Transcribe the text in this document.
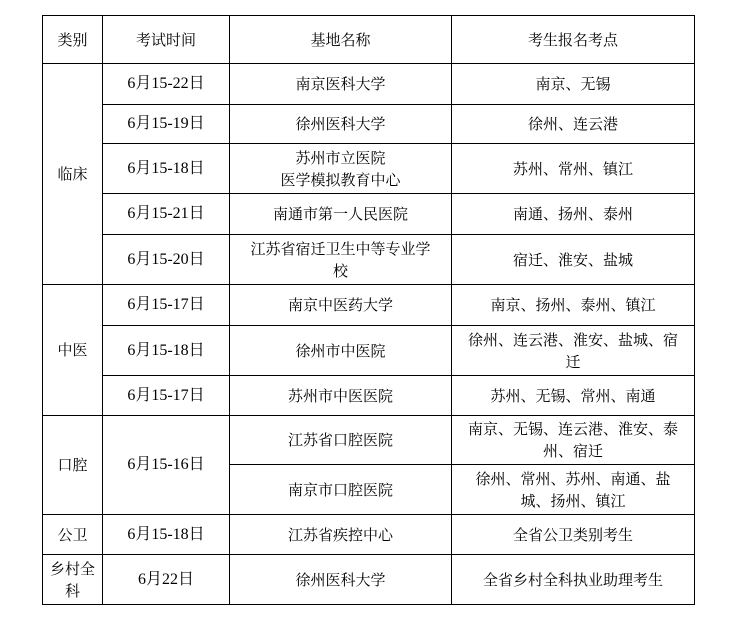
类别	考试时间	基地名称	考生报名考点
临床	6月15-22日	南京医科大学	南京、无锡

	6月15-19日	徐州医科大学	徐州、连云港

	6月15-18日	苏州市立医院
医学模拟教育中心	苏州、常州、镇江

	6月15-21日	南通市第一人民医院	南通、扬州、泰州

	6月15-20日	江苏省宿迁卫生中等专业学
校	宿迁、淮安、盐城

中医	6月15-17日	南京中医药大学	南京、扬州、泰州、镇江

	6月15-18日	徐州市中医院	徐州、连云港、淮安、盐城、宿
迁

	6月15-17日	苏州市中医医院	苏州、无锡、常州、南通

口腔	6月15-16日	江苏省口腔医院	南京、无锡、连云港、淮安、泰
州、宿迁

		南京市口腔医院	徐州、常州、苏州、南通、盐
城、扬州、镇江

公卫	6月15-18日	江苏省疾控中心	全省公卫类别考生

乡村全
科	6月22日	徐州医科大学	全省乡村全科执业助理考生
